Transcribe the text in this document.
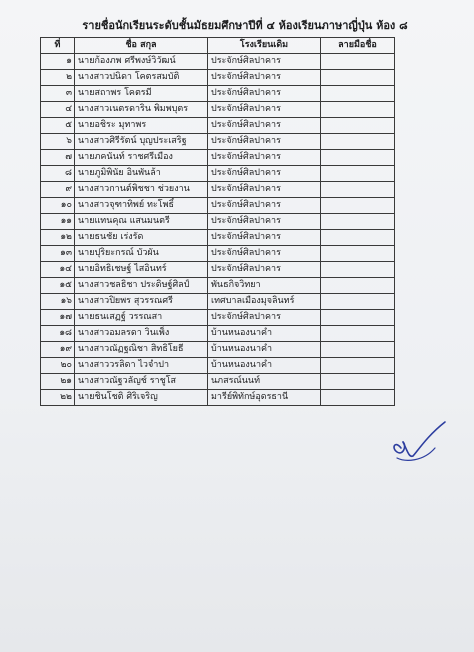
รายชื่อนักเรียนระดับชั้นมัธยมศึกษาปีที่ ๔ ห้องเรียนภาษาญี่ปุ่น ห้อง ๘
ที่	ชื่อ สกุล	โรงเรียนเดิม	ลายมือชื่อ
๑	นายก้องภพ ศรีพงษ์วิวัฒน์	ประจักษ์ศิลปาคาร	
๒	นางสาวปนิดา โคตรสมบัติ	ประจักษ์ศิลปาคาร	
๓	นายสถาพร โคตรมี	ประจักษ์ศิลปาคาร	
๔	นางสาวเนตรดาริน พิมพบุตร	ประจักษ์ศิลปาคาร	
๕	นายอชิระ มุทาพร	ประจักษ์ศิลปาคาร	
๖	นางสาวศิรีรัตน์ บุญประเสริฐ	ประจักษ์ศิลปาคาร	
๗	นายภคนันท์ ราชศรีเมือง	ประจักษ์ศิลปาคาร	
๘	นายภูมิพินัย อินพันล้า	ประจักษ์ศิลปาคาร	
๙	นางสาวกานต์พิชชา ช่วยงาน	ประจักษ์ศิลปาคาร	
๑๐	นางสาวจุฑาทิพย์ ทะโพธิ์	ประจักษ์ศิลปาคาร	
๑๑	นายแทนคุณ แสนมนตรี	ประจักษ์ศิลปาคาร	
๑๒	นายธนชัย เร่งรัด	ประจักษ์ศิลปาคาร	
๑๓	นายปุริยะกรณ์ บัวผัน	ประจักษ์ศิลปาคาร	
๑๔	นายอิทธิเชษฐ์ ไสอินทร์	ประจักษ์ศิลปาคาร	
๑๕	นางสาวชลธิชา ประดิษฐ์ศิลป์	พันธกิจวิทยา	
๑๖	นางสาวปิยพร สุวรรณศรี	เทศบาลเมืองมุจลินทร์	
๑๗	นายธนเสฏฐ์ วรรณสา	ประจักษ์ศิลปาคาร	
๑๘	นางสาวอมลรดา วินเพ็ง	บ้านหนองนาคำ	
๑๙	นางสาวณัฏฐณิชา สิทธิโยธี	บ้านหนองนาคำ	
๒๐	นางสาววรลิดา ไวจำปา	บ้านหนองนาคำ	
๒๑	นางสาวณัฐวลัญช์ ราชูโส	นภสรณ์นนท์	
๒๒	นายชินโชติ ศิริเจริญ	มารีย์พิทักษ์อุดรธานี	
